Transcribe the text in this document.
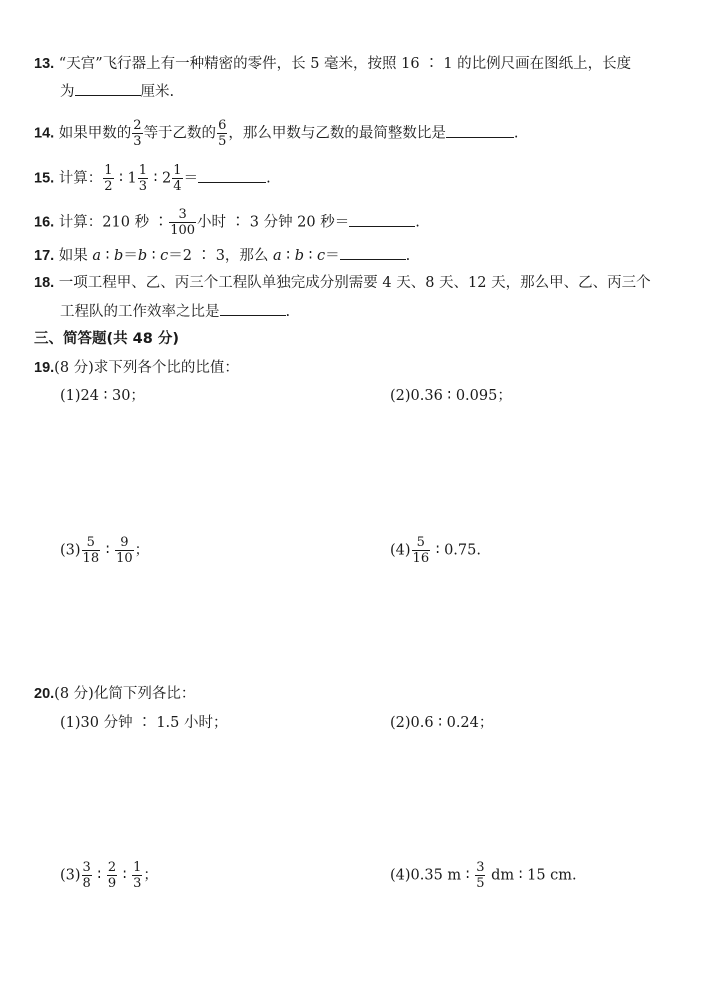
13. “天宫”飞行器上有一种精密的零件，长 5 毫米，按照 16 ∶ 1 的比例尺画在图纸上，长度
为	厘米.
14. 如果甲数的 $\frac{2}{3}$ 等于乙数的 $\frac{6}{5}$ ，那么甲数与乙数的最简整数比是	.
15. 计算： $\frac{1}{2}$ ∶ $1 \frac{1}{3}$ ∶ $2 \frac{1}{4}$ ＝	.
16. 计算：210 秒 ∶ $\frac{3}{100}$ 小时 ∶ 3 分钟 20 秒＝	.
17. 如果 a ∶ b＝b ∶ c＝2 ∶ 3，那么 a ∶ b ∶ c＝	.
18. 一项工程甲、乙、丙三个工程队单独完成分别需要 4 天、8 天、12 天，那么甲、乙、丙三个
工程队的工作效率之比是	.
三、简答题(共 48 分)
19.(8 分)求下列各个比的比值：
(1)24 ∶ 30；	(2)0.36 ∶ 0.095；
$(3) \frac{5}{18}$ ∶ $\frac{9}{10}$ ；	$(4) \frac{5}{16}$ ∶ 0.75.
20.(8 分)化简下列各比：
(1)30 分钟 ∶ 1.5 小时；	(2)0.6 ∶ 0.24；
$(3) \frac{3}{8}$ ∶ $\frac{2}{9}$ ∶ $\frac{1}{3}$ ；	(4)0.35 m ∶ $\frac{3}{5}$ dm ∶ 15 cm.
